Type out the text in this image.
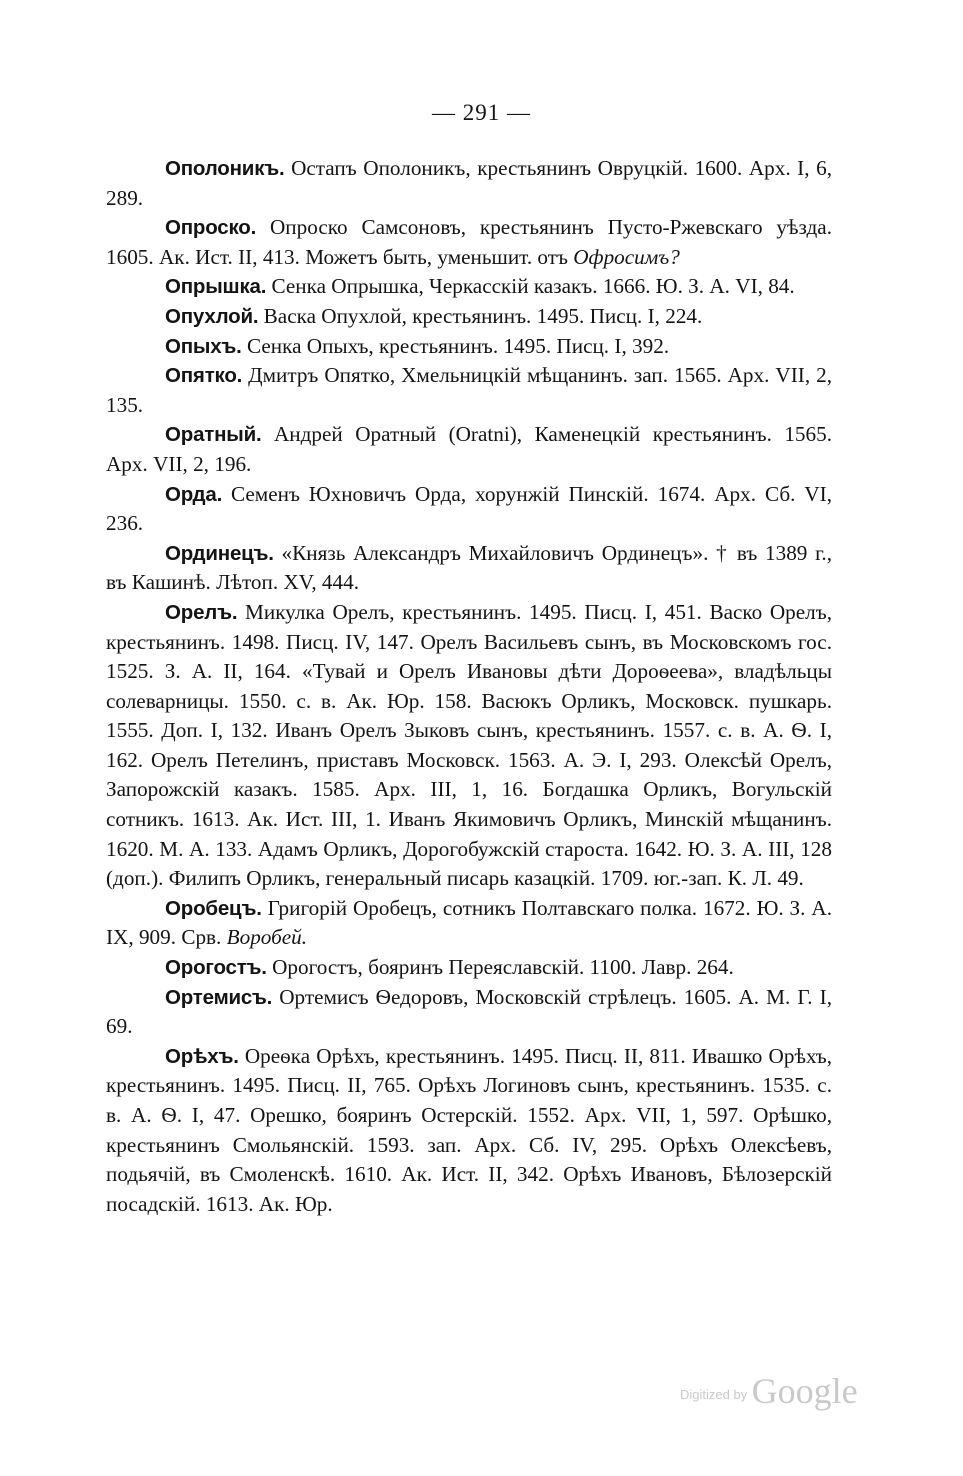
— 291 —

Ополоникъ. Остапъ Ополоникъ, крестьянинъ Овруцкій. 1600. Арх. I, 6, 289.

Опроско. Опроско Самсоновъ, крестьянинъ Пусто-Ржевскаго уѣзда. 1605. Ак. Ист. II, 413. Можетъ быть, уменьшит. отъ Офросимъ?

Опрышка. Сенка Опрышка, Черкасскій казакъ. 1666. Ю. З. А. VI, 84.

Опухлой. Васка Опухлой, крестьянинъ. 1495. Писц. I, 224.

Опыхъ. Сенка Опыхъ, крестьянинъ. 1495. Писц. I, 392.

Опятко. Дмитръ Опятко, Хмельницкій мѣщанинъ. зап. 1565. Арх. VII, 2, 135.

Оратный. Андрей Оратный (Oratni), Каменецкій крестьянинъ. 1565. Арх. VII, 2, 196.

Орда. Семенъ Юхновичъ Орда, хорунжій Пинскій. 1674. Арх. Сб. VI, 236.

Ординецъ. «Князь Александръ Михайловичъ Ординецъ». † въ 1389 г., въ Кашинѣ. Лѣтоп. XV, 444.

Орелъ. Микулка Орелъ, крестьянинъ. 1495. Писц. I, 451. Васко Орелъ, крестьянинъ. 1498. Писц. IV, 147. Орелъ Васильевъ сынъ, въ Московскомъ гос. 1525. З. А. II, 164. «Тувай и Орелъ Ивановы дѣти Дороѳеева», владѣльцы солеварницы. 1550. с. в. Ак. Юр. 158. Васюкъ Орликъ, Московск. пушкарь. 1555. Доп. I, 132. Иванъ Орелъ Зыковъ сынъ, крестьянинъ. 1557. с. в. А. Ѳ. I, 162. Орелъ Петелинъ, приставъ Московск. 1563. А. Э. I, 293. Олексѣй Орелъ, Запорожскій казакъ. 1585. Арх. III, 1, 16. Богдашка Орликъ, Вогульскій сотникъ. 1613. Ак. Ист. III, 1. Иванъ Якимовичъ Орликъ, Минскій мѣщанинъ. 1620. М. А. 133. Адамъ Орликъ, Дорогобужскій староста. 1642. Ю. З. А. III, 128 (доп.). Филипъ Орликъ, генеральный писарь казацкій. 1709. юг.-зап. К. Л. 49.

Оробецъ. Григорій Оробецъ, сотникъ Полтавскаго полка. 1672. Ю. З. А. IX, 909. Срв. Воробей.

Орогостъ. Орогостъ, бояринъ Переяславскій. 1100. Лавр. 264.

Ортемисъ. Ортемисъ Ѳедоровъ, Московскій стрѣлецъ. 1605. А. М. Г. I, 69.

Орѣхъ. Ореѳка Орѣхъ, крестьянинъ. 1495. Писц. II, 811. Ивашко Орѣхъ, крестьянинъ. 1495. Писц. II, 765. Орѣхъ Логиновъ сынъ, крестьянинъ. 1535. с. в. А. Ѳ. I, 47. Орешко, бояринъ Остерскій. 1552. Арх. VII, 1, 597. Орѣшко, крестьянинъ Смольянскій. 1593. зап. Арх. Сб. IV, 295. Орѣхъ Олексѣевъ, подьячій, въ Смоленскѣ. 1610. Ак. Ист. II, 342. Орѣхъ Ивановъ, Бѣлозерскій посадскій. 1613. Ак. Юр.

$^{Digitized by}$ Google
